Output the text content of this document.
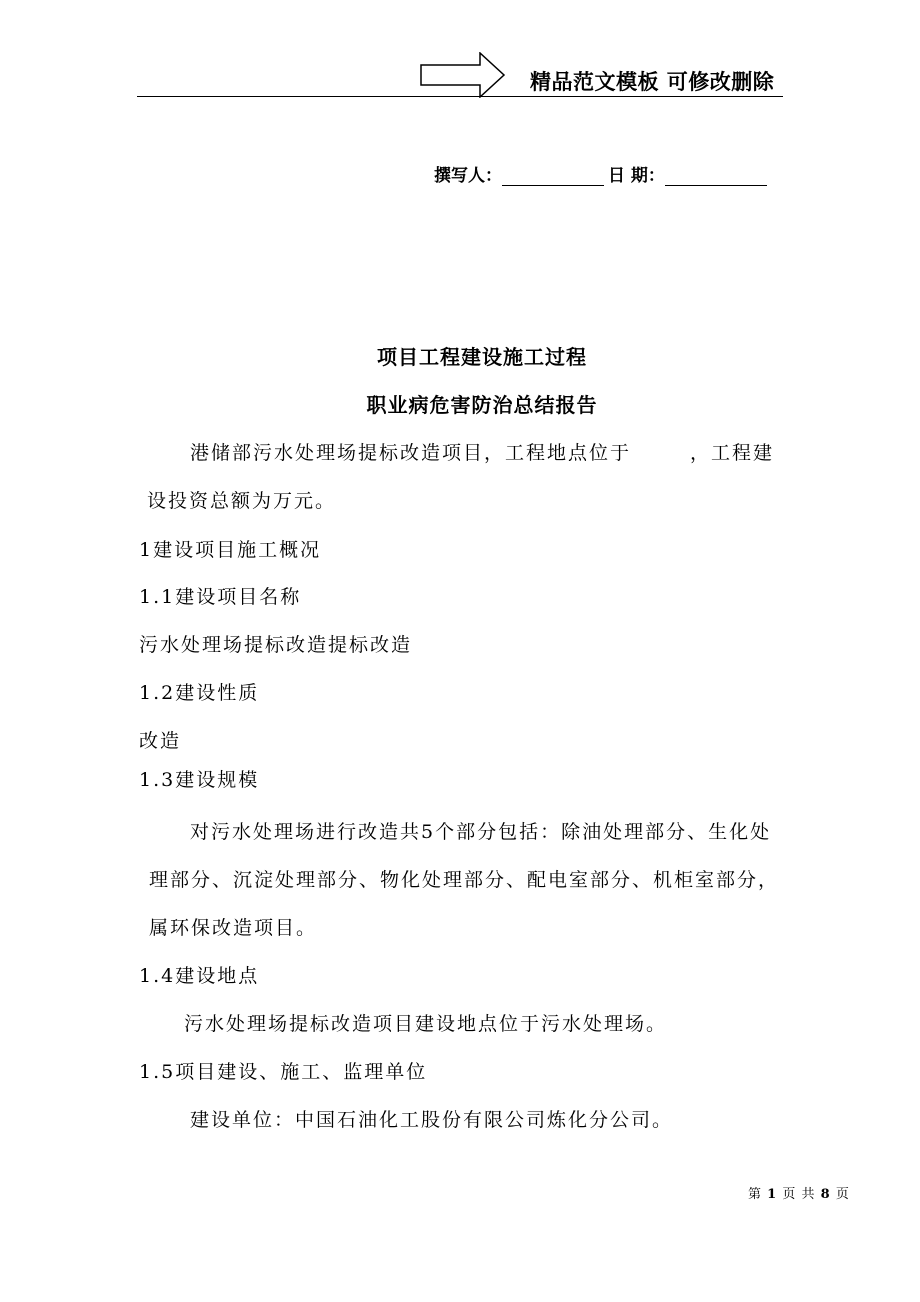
精品范文模板 可修改删除
撰写人：	日 期：
项目工程建设施工过程
职业病危害防治总结报告
港储部污水处理场提标改造项目，工程地点位于	，工程建
设投资总额为万元。
1建设项目施工概况
1.1建设项目名称
污水处理场提标改造提标改造
1.2建设性质
改造
1.3建设规模
对污水处理场进行改造共5个部分包括：除油处理部分、生化处
理部分、沉淀处理部分、物化处理部分、配电室部分、机柜室部分，
属环保改造项目。
1.4建设地点
污水处理场提标改造项目建设地点位于污水处理场。
1.5项目建设、施工、监理单位
建设单位：中国石油化工股份有限公司炼化分公司。
第 1 页 共 8 页
